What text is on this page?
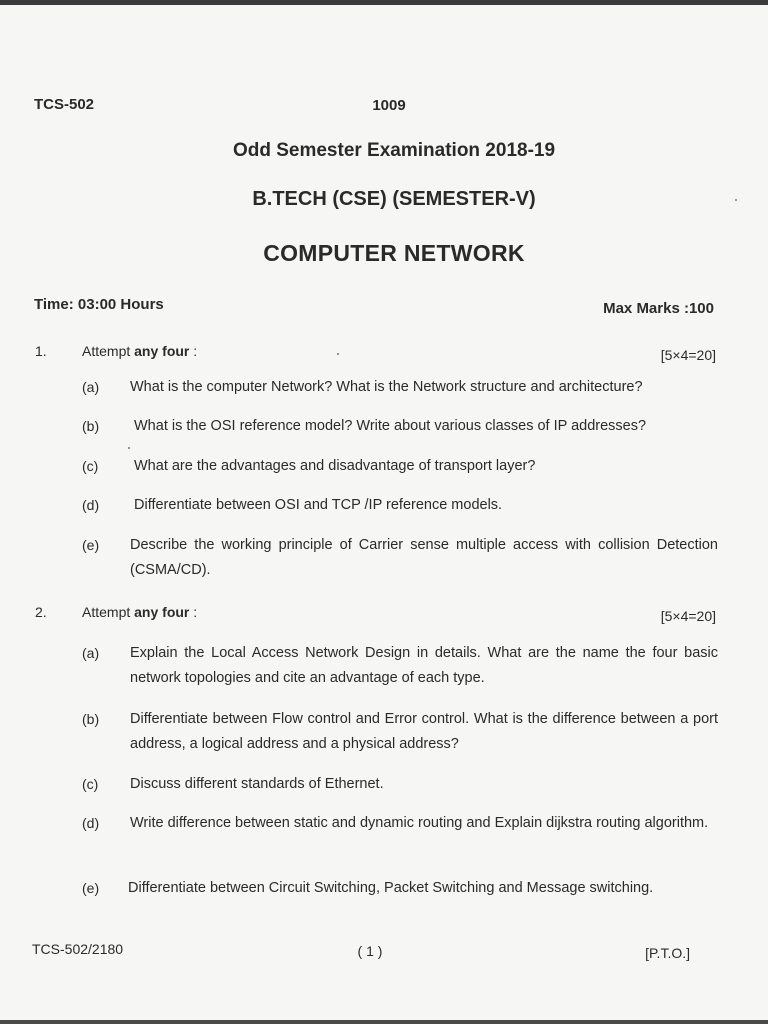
TCS-502	1009
Odd Semester Examination 2018-19
B.TECH (CSE) (SEMESTER-V)
COMPUTER NETWORK
Time: 03:00 Hours	Max Marks :100
1.	Attempt any four :	[5×4=20]
(a) What is the computer Network? What is the Network structure and architecture?
(b) What is the OSI reference model? Write about various classes of IP addresses?
(c) What are the advantages and disadvantage of transport layer?
(d) Differentiate between OSI and TCP /IP reference models.
(e) Describe the working principle of Carrier sense multiple access with collision Detection (CSMA/CD).
2.	Attempt any four :	[5×4=20]
(a) Explain the Local Access Network Design in details. What are the name the four basic network topologies and cite an advantage of each type.
(b) Differentiate between Flow control and Error control. What is the difference between a port address, a logical address and a physical address?
(c) Discuss different standards of Ethernet.
(d) Write difference between static and dynamic routing and Explain dijkstra routing algorithm.
(e) Differentiate between Circuit Switching, Packet Switching and Message switching.
TCS-502/2180	( 1 )	[P.T.O.]
